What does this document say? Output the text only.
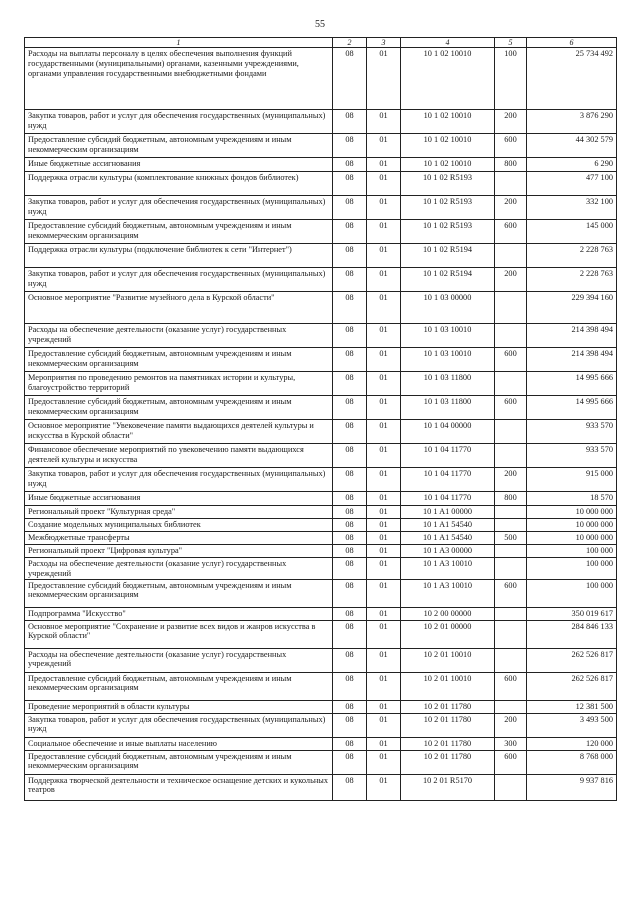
55
1	2	3	4	5	6
Расходы на выплаты персоналу в целях обеспечения выполнения функций государственными (муниципальными) органами, казенными учреждениями, органами управления государственными внебюджетными фондами	08	01	10 1 02 10010	100	25 734 492
Закупка товаров, работ и услуг для обеспечения государственных (муниципальных) нужд	08	01	10 1 02 10010	200	3 876 290
Предоставление субсидий бюджетным, автономным учреждениям и иным некоммерческим организациям	08	01	10 1 02 10010	600	44 302 579
Иные бюджетные ассигнования	08	01	10 1 02 10010	800	6 290
Поддержка отрасли культуры (комплектование книжных фондов библиотек)	08	01	10 1 02 R5193		477 100
Закупка товаров, работ и услуг для обеспечения государственных (муниципальных) нужд	08	01	10 1 02 R5193	200	332 100
Предоставление субсидий бюджетным, автономным учреждениям и иным некоммерческим организациям	08	01	10 1 02 R5193	600	145 000
Поддержка отрасли культуры (подключение библиотек к сети "Интернет")	08	01	10 1 02 R5194		2 228 763
Закупка товаров, работ и услуг для обеспечения государственных (муниципальных) нужд	08	01	10 1 02 R5194	200	2 228 763
Основное мероприятие "Развитие музейного дела в Курской области"	08	01	10 1 03 00000		229 394 160
Расходы на обеспечение деятельности (оказание услуг) государственных учреждений	08	01	10 1 03 10010		214 398 494
Предоставление субсидий бюджетным, автономным учреждениям и иным некоммерческим организациям	08	01	10 1 03 10010	600	214 398 494
Мероприятия по проведению ремонтов на памятниках истории и культуры, благоустройство территорий	08	01	10 1 03 11800		14 995 666
Предоставление субсидий бюджетным, автономным учреждениям и иным некоммерческим организациям	08	01	10 1 03 11800	600	14 995 666
Основное мероприятие "Увековечение памяти выдающихся деятелей культуры и искусства в Курской области"	08	01	10 1 04 00000		933 570
Финансовое обеспечение мероприятий по увековечению памяти выдающихся деятелей культуры и искусства	08	01	10 1 04 11770		933 570
Закупка товаров, работ и услуг для обеспечения государственных (муниципальных) нужд	08	01	10 1 04 11770	200	915 000
Иные бюджетные ассигнования	08	01	10 1 04 11770	800	18 570
Региональный проект "Культурная среда"	08	01	10 1 A1 00000		10 000 000
Создание модельных муниципальных библиотек	08	01	10 1 A1 54540		10 000 000
Межбюджетные трансферты	08	01	10 1 A1 54540	500	10 000 000
Региональный проект "Цифровая культура"	08	01	10 1 A3 00000		100 000
Расходы на обеспечение деятельности (оказание услуг) государственных учреждений	08	01	10 1 A3 10010		100 000
Предоставление субсидий бюджетным, автономным учреждениям и иным некоммерческим организациям	08	01	10 1 A3 10010	600	100 000
Подпрограмма "Искусство"	08	01	10 2 00 00000		350 019 617
Основное мероприятие "Сохранение и развитие всех видов и жанров искусства в Курской области"	08	01	10 2 01 00000		284 846 133
Расходы на обеспечение деятельности (оказание услуг) государственных учреждений	08	01	10 2 01 10010		262 526 817
Предоставление субсидий бюджетным, автономным учреждениям и иным некоммерческим организациям	08	01	10 2 01 10010	600	262 526 817
Проведение мероприятий в области культуры	08	01	10 2 01 11780		12 381 500
Закупка товаров, работ и услуг для обеспечения государственных (муниципальных) нужд	08	01	10 2 01 11780	200	3 493 500
Социальное обеспечение и иные выплаты населению	08	01	10 2 01 11780	300	120 000
Предоставление субсидий бюджетным, автономным учреждениям и иным некоммерческим организациям	08	01	10 2 01 11780	600	8 768 000
Поддержка творческой деятельности и техническое оснащение детских и кукольных театров	08	01	10 2 01 R5170		9 937 816
